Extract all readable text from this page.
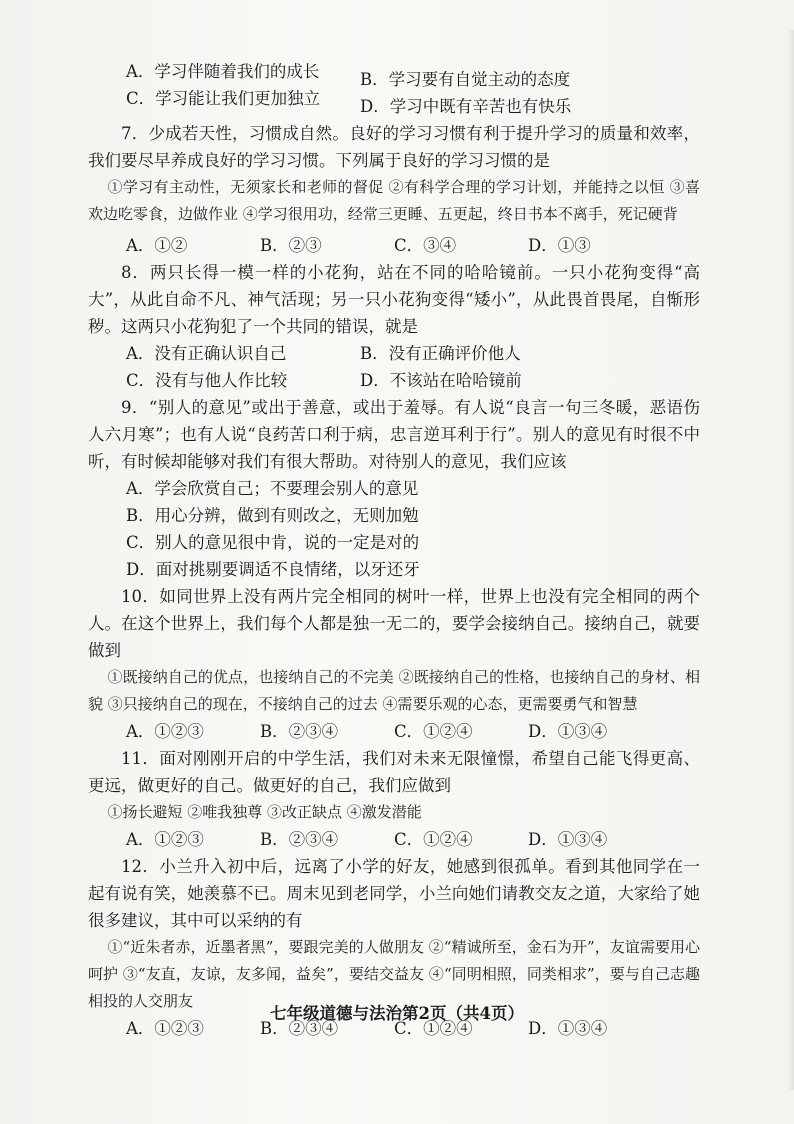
A．学习伴随着我们的成长	B．学习要有自觉主动的态度
C．学习能让我们更加独立	D．学习中既有辛苦也有快乐

7．少成若天性，习惯成自然。良好的学习习惯有利于提升学习的质量和效率，我们要尽早养成良好的学习习惯。下列属于良好的学习习惯的是

①学习有主动性，无须家长和老师的督促 ②有科学合理的学习计划，并能持之以恒 ③喜欢边吃零食，边做作业 ④学习很用功，经常三更睡、五更起，终日书本不离手，死记硬背

A．①②	B．②③	C．③④	D．①③

8．两只长得一模一样的小花狗，站在不同的哈哈镜前。一只小花狗变得“高大”，从此自命不凡、神气活现；另一只小花狗变得“矮小”，从此畏首畏尾，自惭形秽。这两只小花狗犯了一个共同的错误，就是

A．没有正确认识自己	B．没有正确评价他人
C．没有与他人作比较	D．不该站在哈哈镜前

9．“别人的意见”或出于善意，或出于羞辱。有人说“良言一句三冬暖，恶语伤人六月寒”；也有人说“良药苦口利于病，忠言逆耳利于行”。别人的意见有时很不中听，有时候却能够对我们有很大帮助。对待别人的意见，我们应该

A．学会欣赏自己；不要理会别人的意见
B．用心分辨，做到有则改之，无则加勉
C．别人的意见很中肯，说的一定是对的
D．面对挑剔要调适不良情绪，以牙还牙

10．如同世界上没有两片完全相同的树叶一样，世界上也没有完全相同的两个人。在这个世界上，我们每个人都是独一无二的，要学会接纳自己。接纳自己，就要做到

①既接纳自己的优点，也接纳自己的不完美 ②既接纳自己的性格，也接纳自己的身材、相貌 ③只接纳自己的现在，不接纳自己的过去 ④需要乐观的心态，更需要勇气和智慧

A．①②③	B．②③④	C．①②④	D．①③④

11．面对刚刚开启的中学生活，我们对未来无限憧憬，希望自己能飞得更高、更远，做更好的自己。做更好的自己，我们应做到

①扬长避短 ②唯我独尊 ③改正缺点 ④激发潜能

A．①②③	B．②③④	C．①②④	D．①③④

12．小兰升入初中后，远离了小学的好友，她感到很孤单。看到其他同学在一起有说有笑，她羡慕不已。周末见到老同学，小兰向她们请教交友之道，大家给了她很多建议，其中可以采纳的有

①“近朱者赤，近墨者黑”，要跟完美的人做朋友 ②“精诚所至，金石为开”，友谊需要用心呵护 ③“友直，友谅，友多闻，益矣”，要结交益友 ④“同明相照，同类相求”，要与自己志趣相投的人交朋友

A．①②③	B．②③④	C．①②④	D．①③④
七年级道德与法治第2页（共4页）
